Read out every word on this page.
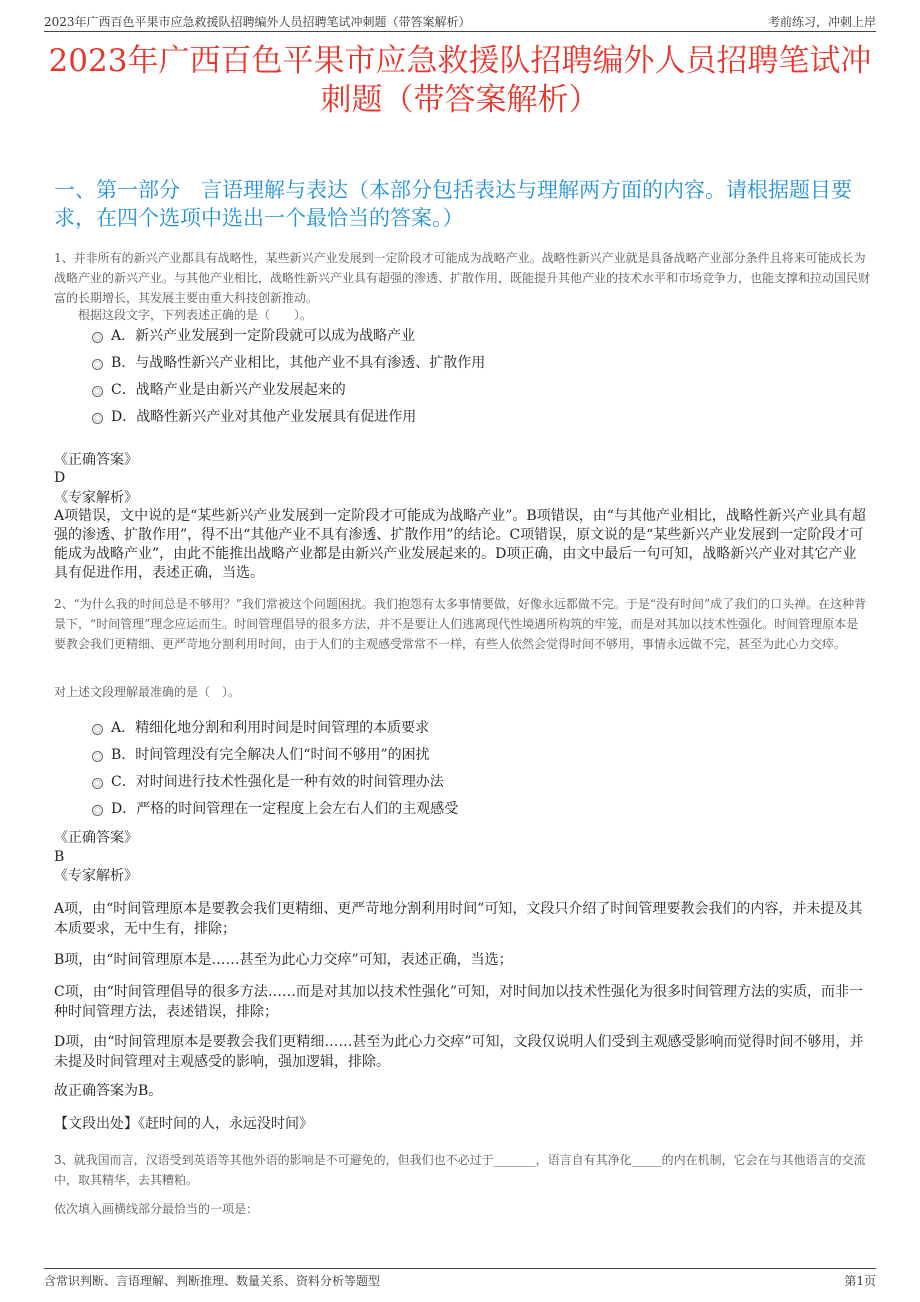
2023年广西百色平果市应急救援队招聘编外人员招聘笔试冲刺题（带答案解析）	考前练习，冲刺上岸
2023年广西百色平果市应急救援队招聘编外人员招聘笔试冲刺题（带答案解析）
一、第一部分　言语理解与表达（本部分包括表达与理解两方面的内容。请根据题目要求，在四个选项中选出一个最恰当的答案。）
1、并非所有的新兴产业都具有战略性，某些新兴产业发展到一定阶段才可能成为战略产业。战略性新兴产业就是具备战略产业部分条件且将来可能成长为战略产业的新兴产业。与其他产业相比，战略性新兴产业具有超强的渗透、扩散作用，既能提升其他产业的技术水平和市场竞争力，也能支撑和拉动国民财富的长期增长，其发展主要由重大科技创新推动。
根据这段文字，下列表述正确的是（　　）。
A．新兴产业发展到一定阶段就可以成为战略产业
B．与战略性新兴产业相比，其他产业不具有渗透、扩散作用
C．战略产业是由新兴产业发展起来的
D．战略性新兴产业对其他产业发展具有促进作用
《正确答案》
D
《专家解析》
A项错误，文中说的是“某些新兴产业发展到一定阶段才可能成为战略产业”。B项错误，由“与其他产业相比，战略性新兴产业具有超强的渗透、扩散作用”，得不出“其他产业不具有渗透、扩散作用”的结论。C项错误，原文说的是“某些新兴产业发展到一定阶段才可能成为战略产业”，由此不能推出战略产业都是由新兴产业发展起来的。D项正确，由文中最后一句可知，战略新兴产业对其它产业具有促进作用，表述正确，当选。
2、“为什么我的时间总是不够用？”我们常被这个问题困扰。我们抱怨有太多事情要做，好像永远都做不完。于是“没有时间”成了我们的口头禅。在这种背景下，“时间管理”理念应运而生。时间管理倡导的很多方法，并不是要让人们逃离现代性境遇所构筑的牢笼，而是对其加以技术性强化。时间管理原本是要教会我们更精细、更严苛地分割利用时间，由于人们的主观感受常常不一样，有些人依然会觉得时间不够用，事情永远做不完，甚至为此心力交瘁。
对上述文段理解最准确的是（　）。
A．精细化地分割和利用时间是时间管理的本质要求
B．时间管理没有完全解决人们“时间不够用”的困扰
C．对时间进行技术性强化是一种有效的时间管理办法
D．严格的时间管理在一定程度上会左右人们的主观感受
《正确答案》
B
《专家解析》
A项，由“时间管理原本是要教会我们更精细、更严苛地分割利用时间”可知，文段只介绍了时间管理要教会我们的内容，并未提及其本质要求，无中生有，排除；
B项，由“时间管理原本是……甚至为此心力交瘁”可知，表述正确，当选；
C项，由“时间管理倡导的很多方法……而是对其加以技术性强化”可知，对时间加以技术性强化为很多时间管理方法的实质，而非一种时间管理方法，表述错误，排除；
D项，由“时间管理原本是要教会我们更精细……甚至为此心力交瘁”可知，文段仅说明人们受到主观感受影响而觉得时间不够用，并未提及时间管理对主观感受的影响，强加逻辑，排除。
故正确答案为B。
【文段出处】《赶时间的人，永远没时间》
3、就我国而言，汉语受到英语等其他外语的影响是不可避免的，但我们也不必过于_______，语言自有其净化_____的内在机制，它会在与其他语言的交流中，取其精华，去其糟粕。
依次填入画横线部分最恰当的一项是：
含常识判断、言语理解、判断推理、数量关系、资料分析等题型	第1页
